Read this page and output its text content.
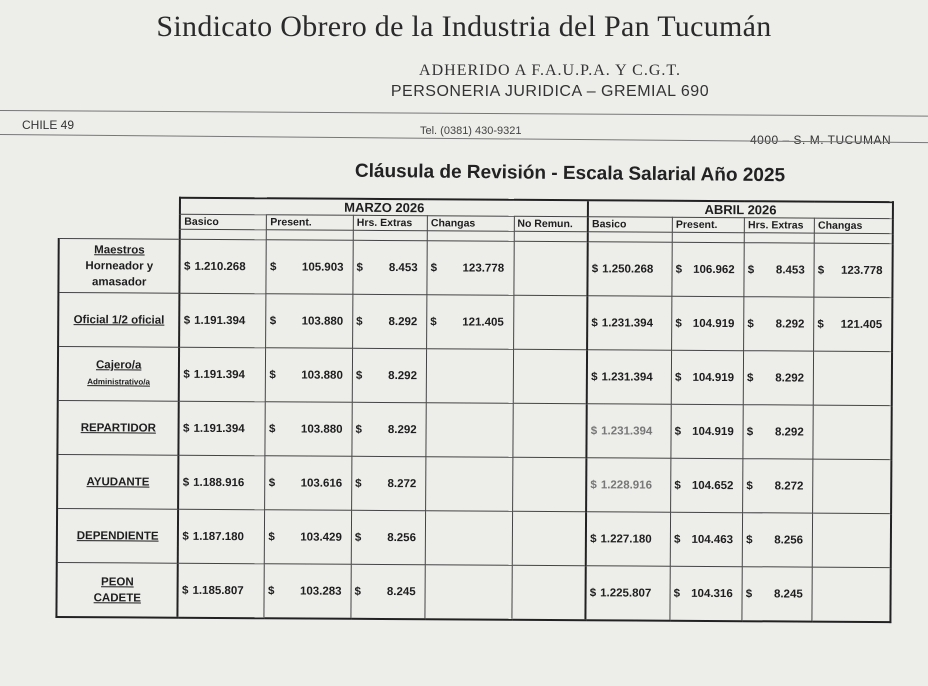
Sindicato Obrero de la Industria del Pan Tucumán
ADHERIDO A F.A.U.P.A. Y C.G.T.
PERSONERIA JURIDICA – GREMIAL 690
CHILE 49	Tel. (0381) 430-9321
4000 – S. M. TUCUMAN
Cláusula de Revisión - Escala Salarial Año 2025
	MARZO 2026					ABRIL 2026			
	Basico	Present.	Hrs. Extras	Changas	No Remun.	Basico	Present.	Hrs. Extras	Changas

Maestros
Horneador y
amasador	$ 1.210.268	$ 105.903	$ 8.453	$ 123.778		$ 1.250.268	$ 106.962	$ 8.453	$ 123.778

Oficial 1/2 oficial	$ 1.191.394	$ 103.880	$ 8.292	$ 121.405		$ 1.231.394	$ 104.919	$ 8.292	$ 121.405

Cajero/a
Administrativo/a	$ 1.191.394	$ 103.880	$ 8.292			$ 1.231.394	$ 104.919	$ 8.292	

REPARTIDOR	$ 1.191.394	$ 103.880	$ 8.292			$ 1.231.394	$ 104.919	$ 8.292	

AYUDANTE	$ 1.188.916	$ 103.616	$ 8.272			$ 1.228.916	$ 104.652	$ 8.272	

DEPENDIENTE	$ 1.187.180	$ 103.429	$ 8.256			$ 1.227.180	$ 104.463	$ 8.256	

PEON
CADETE	$ 1.185.807	$ 103.283	$ 8.245			$ 1.225.807	$ 104.316	$ 8.245	
